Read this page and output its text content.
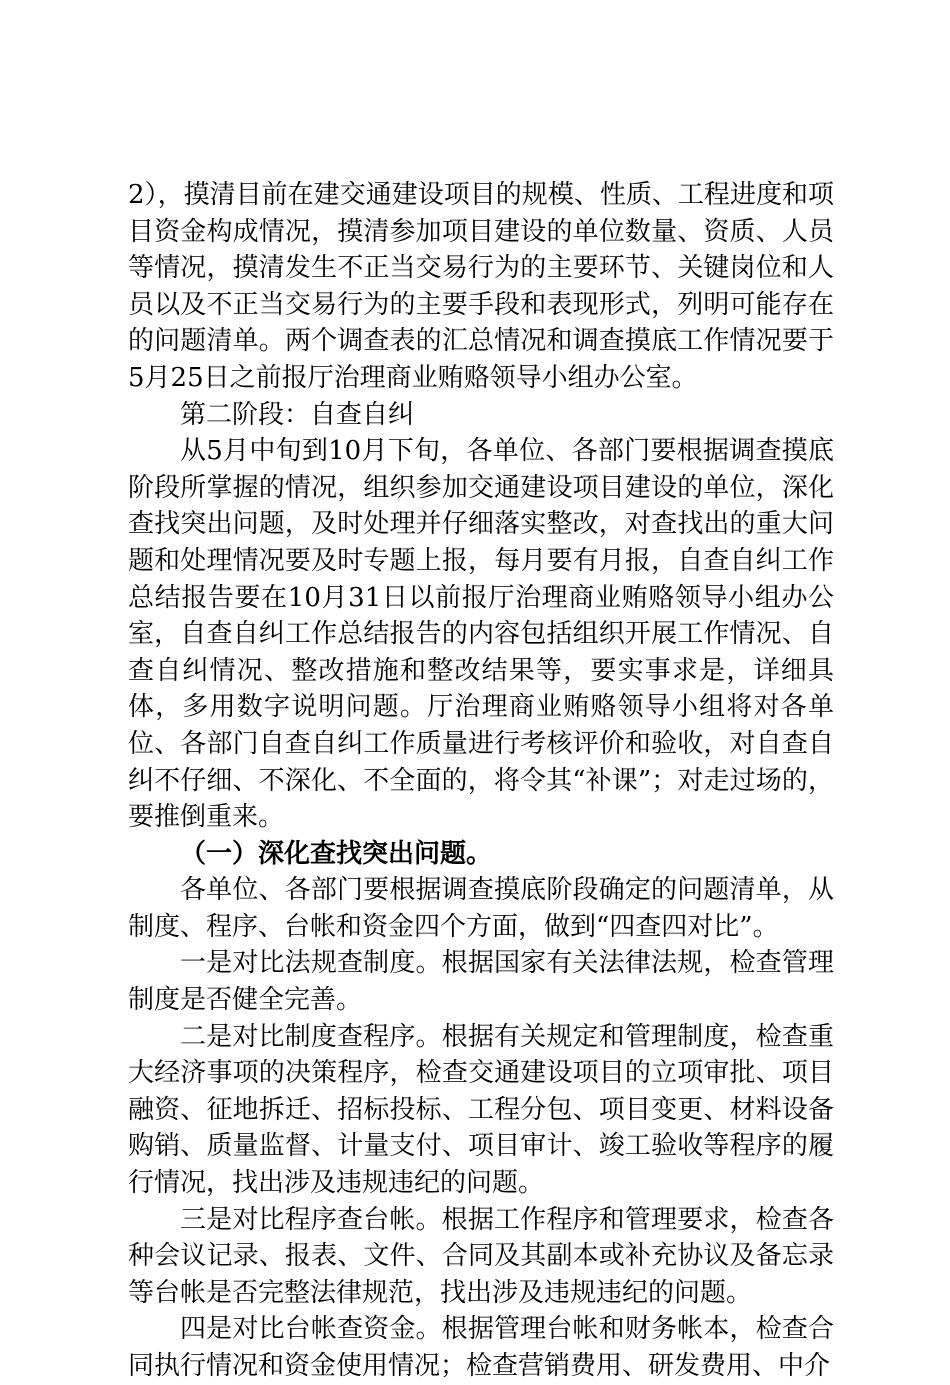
2），摸清目前在建交通建设项目的规模、性质、工程进度和项目资金构成情况，摸清参加项目建设的单位数量、资质、人员等情况，摸清发生不正当交易行为的主要环节、关键岗位和人员以及不正当交易行为的主要手段和表现形式，列明可能存在的问题清单。两个调查表的汇总情况和调查摸底工作情况要于5月25日之前报厅治理商业贿赂领导小组办公室。

第二阶段：自查自纠

从5月中旬到10月下旬，各单位、各部门要根据调查摸底阶段所掌握的情况，组织参加交通建设项目建设的单位，深化查找突出问题，及时处理并仔细落实整改，对查找出的重大问题和处理情况要及时专题上报，每月要有月报，自查自纠工作总结报告要在10月31日以前报厅治理商业贿赂领导小组办公室，自查自纠工作总结报告的内容包括组织开展工作情况、自查自纠情况、整改措施和整改结果等，要实事求是，详细具体，多用数字说明问题。厅治理商业贿赂领导小组将对各单位、各部门自查自纠工作质量进行考核评价和验收，对自查自纠不仔细、不深化、不全面的，将令其“补课”；对走过场的，要推倒重来。

（一）深化查找突出问题。

各单位、各部门要根据调查摸底阶段确定的问题清单，从制度、程序、台帐和资金四个方面，做到“四查四对比”。

一是对比法规查制度。根据国家有关法律法规，检查管理制度是否健全完善。

二是对比制度查程序。根据有关规定和管理制度，检查重大经济事项的决策程序，检查交通建设项目的立项审批、项目融资、征地拆迁、招标投标、工程分包、项目变更、材料设备购销、质量监督、计量支付、项目审计、竣工验收等程序的履行情况，找出涉及违规违纪的问题。

三是对比程序查台帐。根据工作程序和管理要求，检查各种会议记录、报表、文件、合同及其副本或补充协议及备忘录等台帐是否完整法律规范，找出涉及违规违纪的问题。

四是对比台帐查资金。根据管理台帐和财务帐本，检查合同执行情况和资金使用情况；检查营销费用、研发费用、中介
